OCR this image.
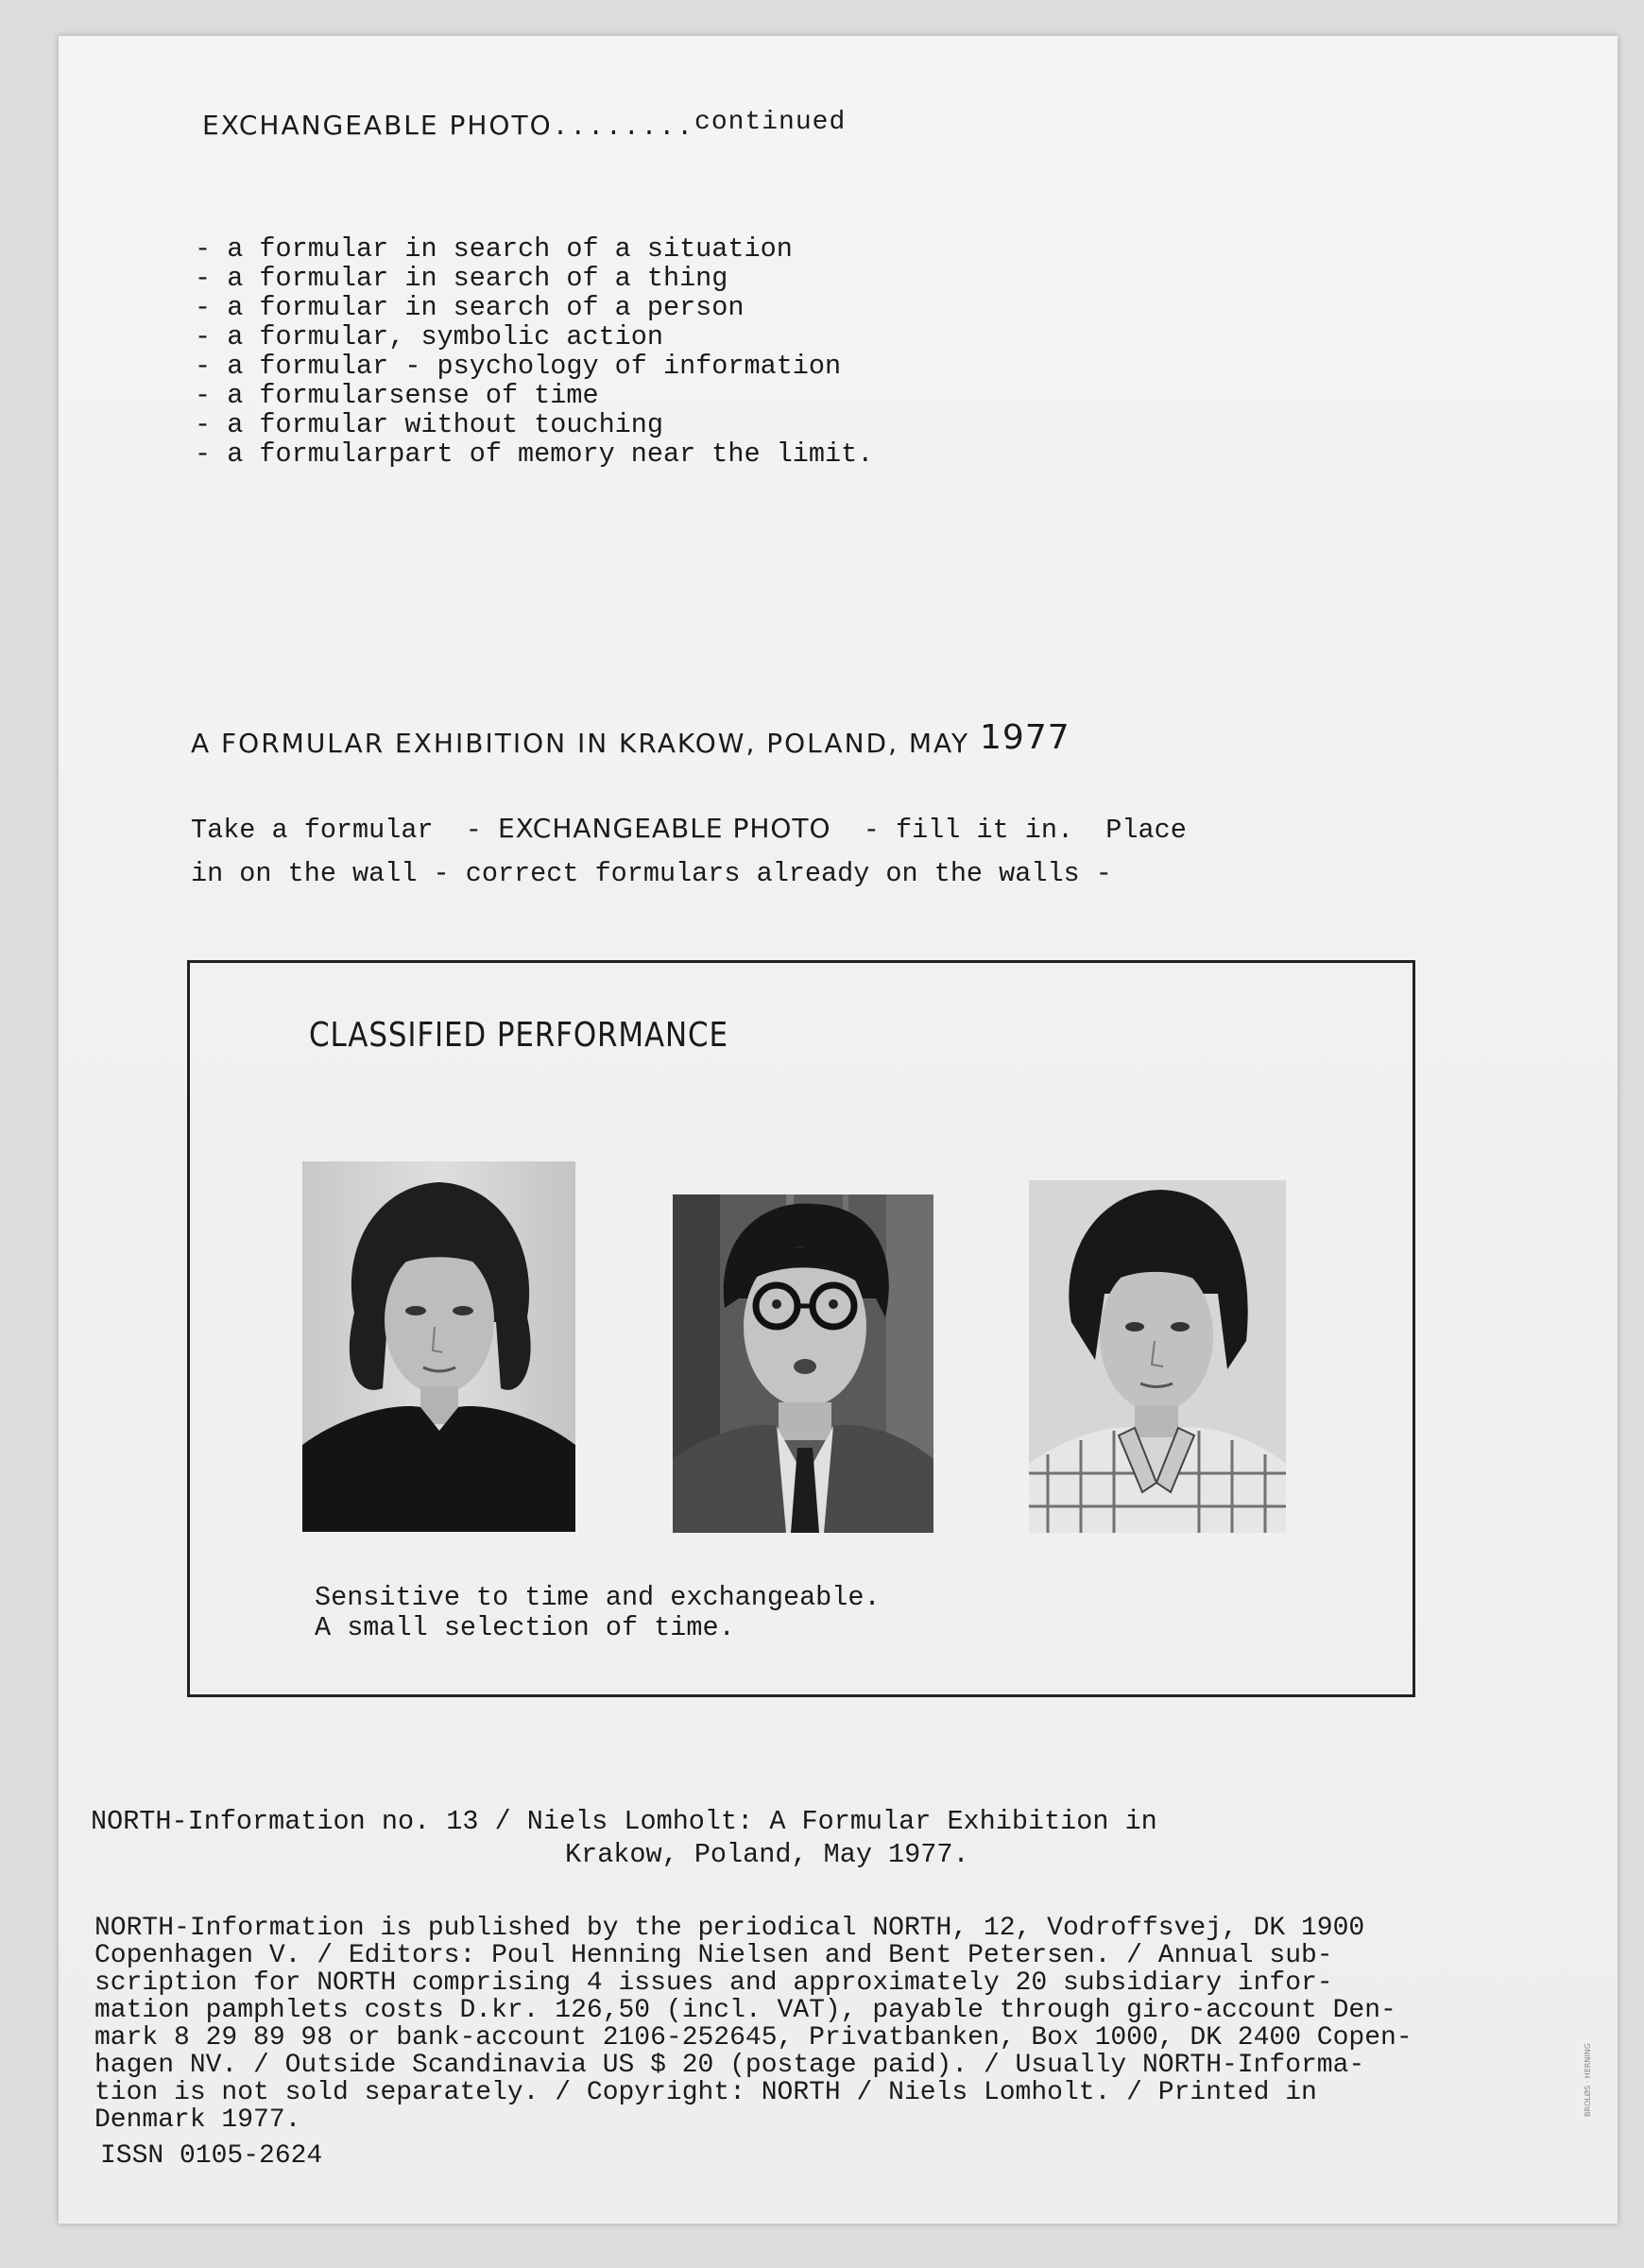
EXCHANGEABLE PHOTO........continued
- a formular in search of a situation
- a formular in search of a thing
- a formular in search of a person
- a formular, symbolic action
- a formular - psychology of information
- a formularsense of time
- a formular without touching
- a formularpart of memory near the limit.
A FORMULAR EXHIBITION IN KRAKOW, POLAND, MAY 1977
Take a formular  - EXCHANGEABLE PHOTO  - fill it in.  Place
in on the wall - correct formulars already on the walls -
CLASSIFIED PERFORMANCE
Sensitive to time and exchangeable.
A small selection of time.
NORTH-Information no. 13 / Niels Lomholt: A Formular Exhibition in
Krakow, Poland, May 1977.
NORTH-Information is published by the periodical NORTH, 12, Vodroffsvej, DK 1900
Copenhagen V. / Editors: Poul Henning Nielsen and Bent Petersen. / Annual sub-
scription for NORTH comprising 4 issues and approximately 20 subsidiary infor-
mation pamphlets costs D.kr. 126,50 (incl. VAT), payable through giro-account Den-
mark 8 29 89 98 or bank-account 2106-252645, Privatbanken, Box 1000, DK 2400 Copen-
hagen NV. / Outside Scandinavia US $ 20 (postage paid). / Usually NORTH-Informa-
tion is not sold separately. / Copyright: NORTH / Niels Lomholt. / Printed in
Denmark 1977.
ISSN 0105-2624
BROLØS · HERNING
